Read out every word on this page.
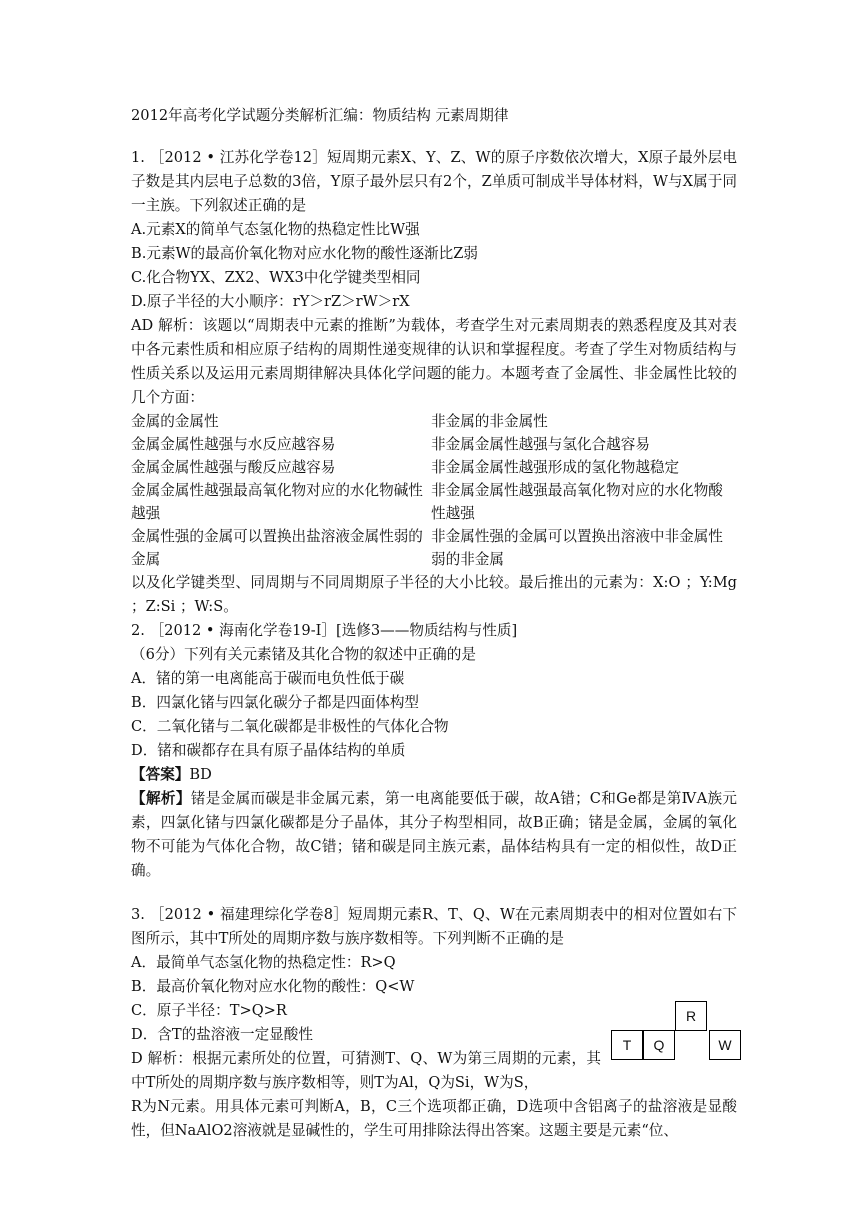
2012年高考化学试题分类解析汇编：物质结构 元素周期律

1. ［2012 • 江苏化学卷12］短周期元素X、Y、Z、W的原子序数依次增大，X原子最外层电子数是其内层电子总数的3倍，Y原子最外层只有2个，Z单质可制成半导体材料，W与X属于同一主族。下列叙述正确的是

A.元素X的简单气态氢化物的热稳定性比W强

B.元素W的最高价氧化物对应水化物的酸性逐渐比Z弱

C.化合物YX、ZX2、WX3中化学键类型相同

D.原子半径的大小顺序：rY＞rZ＞rW＞rX

AD 解析：该题以“周期表中元素的推断”为载体，考查学生对元素周期表的熟悉程度及其对表中各元素性质和相应原子结构的周期性递变规律的认识和掌握程度。考查了学生对物质结构与性质关系以及运用元素周期律解决具体化学问题的能力。本题考查了金属性、非金属性比较的几个方面：

金属的金属性	非金属的非金属性
金属金属性越强与水反应越容易	非金属金属性越强与氢化合越容易
金属金属性越强与酸反应越容易	非金属金属性越强形成的氢化物越稳定
金属金属性越强最高氧化物对应的水化物碱性越强	非金属金属性越强最高氧化物对应的水化物酸性越强
金属性强的金属可以置换出盐溶液金属性弱的金属	非金属性强的金属可以置换出溶液中非金属性弱的非金属

以及化学键类型、同周期与不同周期原子半径的大小比较。最后推出的元素为：X:O ；Y:Mg ；Z:Si ；W:S。

2. ［2012 • 海南化学卷19-I］[选修3——物质结构与性质]

（6分）下列有关元素锗及其化合物的叙述中正确的是

A．锗的第一电离能高于碳而电负性低于碳

B．四氯化锗与四氯化碳分子都是四面体构型

C．二氧化锗与二氧化碳都是非极性的气体化合物

D．锗和碳都存在具有原子晶体结构的单质

【答案】BD

【解析】锗是金属而碳是非金属元素，第一电离能要低于碳，故A错；C和Ge都是第ⅣA族元素，四氯化锗与四氯化碳都是分子晶体，其分子构型相同，故B正确；锗是金属，金属的氧化物不可能为气体化合物，故C错；锗和碳是同主族元素，晶体结构具有一定的相似性，故D正确。

3. ［2012 • 福建理综化学卷8］短周期元素R、T、Q、W在元素周期表中的相对位置如右下图所示，其中T所处的周期序数与族序数相等。下列判断不正确的是

A．最简单气态氢化物的热稳定性：R>Q

B．最高价氧化物对应水化物的酸性：Q<W

C．原子半径：T>Q>R

D．含T的盐溶液一定显酸性

D 解析：根据元素所处的位置，可猜测T、Q、W为第三周期的元素，其中T所处的周期序数与族序数相等，则T为Al，Q为Si，W为S，

R
T	Q	W

R为N元素。用具体元素可判断A，B，C三个选项都正确，D选项中含铝离子的盐溶液是显酸性，但NaAlO2溶液就是显碱性的，学生可用排除法得出答案。这题主要是元素“位、
